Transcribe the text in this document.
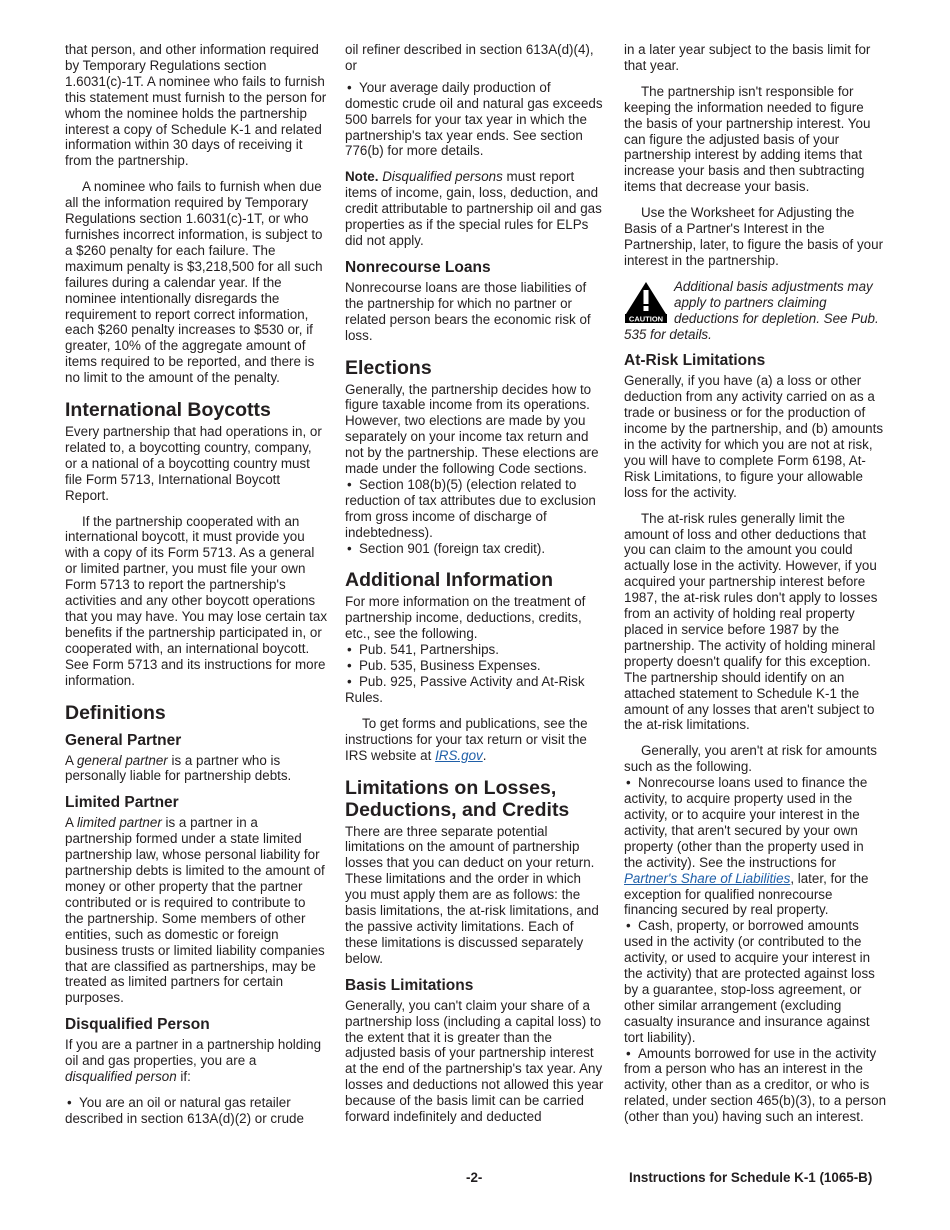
that person, and other information required by Temporary Regulations section 1.6031(c)-1T. A nominee who fails to furnish this statement must furnish to the person for whom the nominee holds the partnership interest a copy of Schedule K-1 and related information within 30 days of receiving it from the partnership.

A nominee who fails to furnish when due all the information required by Temporary Regulations section 1.6031(c)-1T, or who furnishes incorrect information, is subject to a $260 penalty for each failure. The maximum penalty is $3,218,500 for all such failures during a calendar year. If the nominee intentionally disregards the requirement to report correct information, each $260 penalty increases to $530 or, if greater, 10% of the aggregate amount of items required to be reported, and there is no limit to the amount of the penalty.

International Boycotts

Every partnership that had operations in, or related to, a boycotting country, company, or a national of a boycotting country must file Form 5713, International Boycott Report.

If the partnership cooperated with an international boycott, it must provide you with a copy of its Form 5713. As a general or limited partner, you must file your own Form 5713 to report the partnership's activities and any other boycott operations that you may have. You may lose certain tax benefits if the partnership participated in, or cooperated with, an international boycott. See Form 5713 and its instructions for more information.

Definitions
General Partner

A general partner is a partner who is personally liable for partnership debts.

Limited Partner

A limited partner is a partner in a partnership formed under a state limited partnership law, whose personal liability for partnership debts is limited to the amount of money or other property that the partner contributed or is required to contribute to the partnership. Some members of other entities, such as domestic or foreign business trusts or limited liability companies that are classified as partnerships, may be treated as limited partners for certain purposes.

Disqualified Person

If you are a partner in a partnership holding oil and gas properties, you are a disqualified person if:

• You are an oil or natural gas retailer described in section 613A(d)(2) or crude

oil refiner described in section 613A(d)(4), or

• Your average daily production of domestic crude oil and natural gas exceeds 500 barrels for your tax year in which the partnership's tax year ends. See section 776(b) for more details.

Note. Disqualified persons must report items of income, gain, loss, deduction, and credit attributable to partnership oil and gas properties as if the special rules for ELPs did not apply.

Nonrecourse Loans

Nonrecourse loans are those liabilities of the partnership for which no partner or related person bears the economic risk of loss.

Elections

Generally, the partnership decides how to figure taxable income from its operations. However, two elections are made by you separately on your income tax return and not by the partnership. These elections are made under the following Code sections.

• Section 108(b)(5) (election related to reduction of tax attributes due to exclusion from gross income of discharge of indebtedness).
• Section 901 (foreign tax credit).
Additional Information

For more information on the treatment of partnership income, deductions, credits, etc., see the following.

• Pub. 541, Partnerships.
• Pub. 535, Business Expenses.
• Pub. 925, Passive Activity and At-Risk Rules.

To get forms and publications, see the instructions for your tax return or visit the IRS website at IRS.gov.

Limitations on Losses, Deductions, and Credits

There are three separate potential limitations on the amount of partnership losses that you can deduct on your return. These limitations and the order in which you must apply them are as follows: the basis limitations, the at-risk limitations, and the passive activity limitations. Each of these limitations is discussed separately below.

Basis Limitations

Generally, you can't claim your share of a partnership loss (including a capital loss) to the extent that it is greater than the adjusted basis of your partnership interest at the end of the partnership's tax year. Any losses and deductions not allowed this year because of the basis limit can be carried forward indefinitely and deducted

in a later year subject to the basis limit for that year.

The partnership isn't responsible for keeping the information needed to figure the basis of your partnership interest. You can figure the adjusted basis of your partnership interest by adding items that increase your basis and then subtracting items that decrease your basis.

Use the Worksheet for Adjusting the Basis of a Partner's Interest in the Partnership, later, to figure the basis of your interest in the partnership.

CAUTION
Additional basis adjustments may apply to partners claiming deductions for depletion. See Pub. 535 for details.
At-Risk Limitations

Generally, if you have (a) a loss or other deduction from any activity carried on as a trade or business or for the production of income by the partnership, and (b) amounts in the activity for which you are not at risk, you will have to complete Form 6198, At-Risk Limitations, to figure your allowable loss for the activity.

The at-risk rules generally limit the amount of loss and other deductions that you can claim to the amount you could actually lose in the activity. However, if you acquired your partnership interest before 1987, the at-risk rules don't apply to losses from an activity of holding real property placed in service before 1987 by the partnership. The activity of holding mineral property doesn't qualify for this exception. The partnership should identify on an attached statement to Schedule K-1 the amount of any losses that aren't subject to the at-risk limitations.

Generally, you aren't at risk for amounts such as the following.

• Nonrecourse loans used to finance the activity, to acquire property used in the activity, or to acquire your interest in the activity, that aren't secured by your own property (other than the property used in the activity). See the instructions for Partner's Share of Liabilities, later, for the exception for qualified nonrecourse financing secured by real property.
• Cash, property, or borrowed amounts used in the activity (or contributed to the activity, or used to acquire your interest in the activity) that are protected against loss by a guarantee, stop-loss agreement, or other similar arrangement (excluding casualty insurance and insurance against tort liability).
• Amounts borrowed for use in the activity from a person who has an interest in the activity, other than as a creditor, or who is related, under section 465(b)(3), to a person (other than you) having such an interest.
-2-	Instructions for Schedule K-1 (1065-B)
